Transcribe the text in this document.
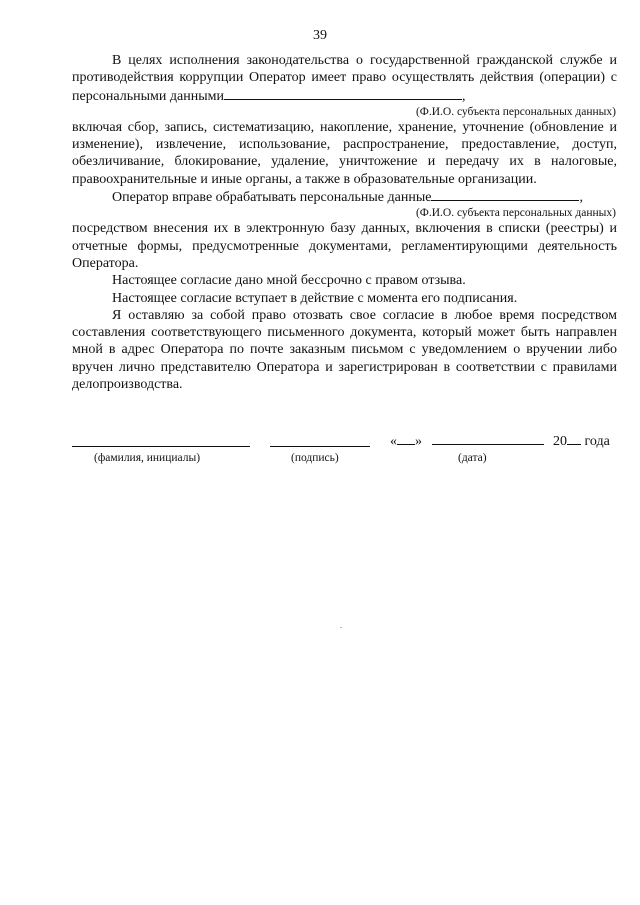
39

В целях исполнения законодательства о государственной гражданской службе и противодействия коррупции Оператор имеет право осуществлять действия (операции) с персональными данными	,

(Ф.И.О. субъекта персональных данных)

включая сбор, запись, систематизацию, накопление, хранение, уточнение (обновление и изменение), извлечение, использование, распространение, предоставление, доступ, обезличивание, блокирование, удаление, уничтожение и передачу их в налоговые, правоохранительные и иные органы, а также в образовательные организации.

Оператор вправе обрабатывать персональные данные	,

(Ф.И.О. субъекта персональных данных)

посредством внесения их в электронную базу данных, включения в списки (реестры) и отчетные формы, предусмотренные документами, регламентирующими деятельность Оператора.

Настоящее согласие дано мной бессрочно с правом отзыва.

Настоящее согласие вступает в действие с момента его подписания.

Я оставляю за собой право отозвать свое согласие в любое время посредством составления соответствующего письменного документа, который может быть направлен мной в адрес Оператора по почте заказным письмом с уведомлением о вручении либо вручен лично представителю Оператора и зарегистрирован в соответствии с правилами делопроизводства.

(фамилия, инициалы)	(подпись)
« »	20 года
(дата)
